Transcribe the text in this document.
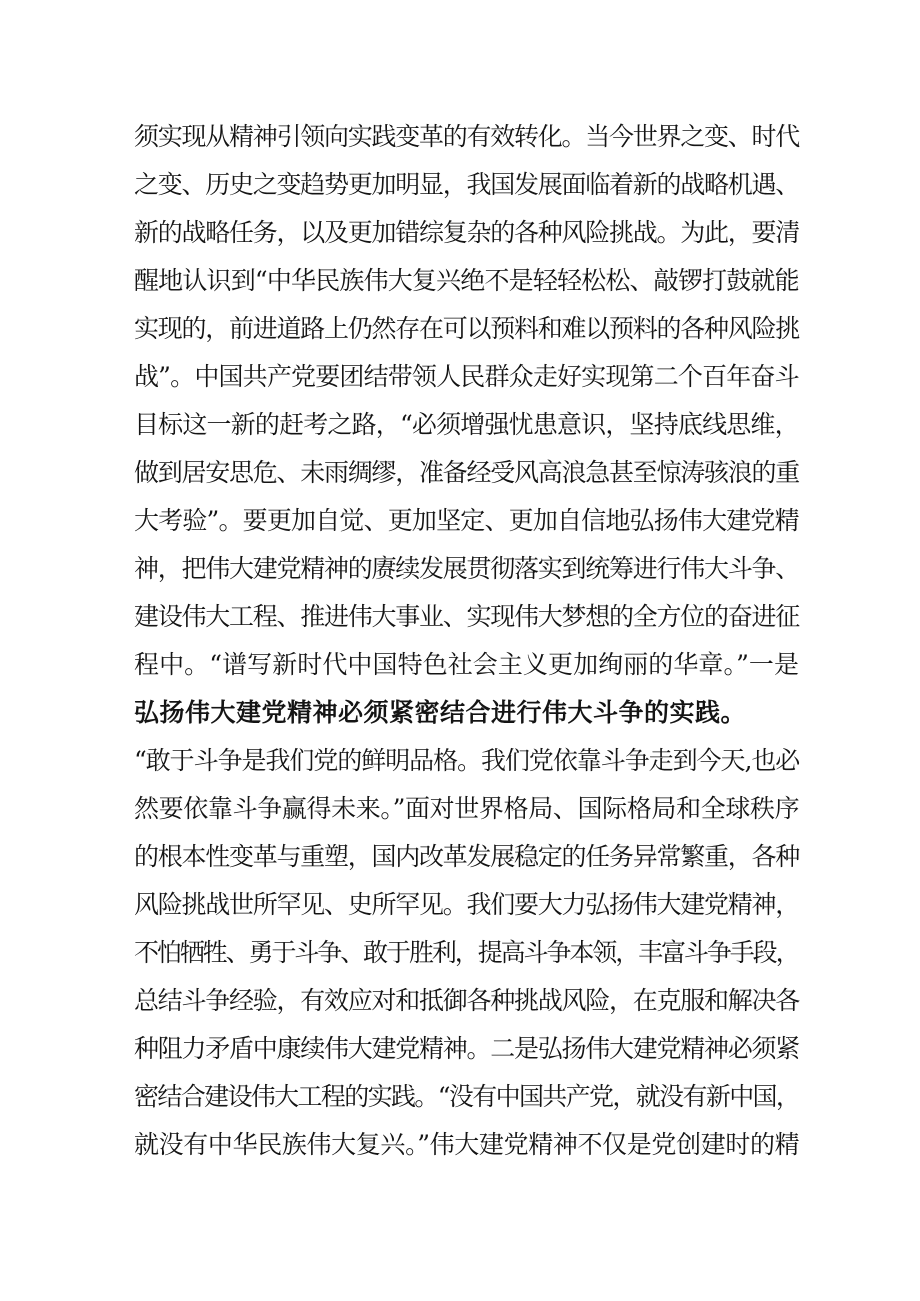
须实现从精神引领向实践变革的有效转化。当今世界之变、时代
之变、历史之变趋势更加明显，我国发展面临着新的战略机遇、
新的战略任务，以及更加错综复杂的各种风险挑战。为此，要清
醒地认识到“中华民族伟大复兴绝不是轻轻松松、敲锣打鼓就能
实现的，前进道路上仍然存在可以预料和难以预料的各种风险挑
战”。中国共产党要团结带领人民群众走好实现第二个百年奋斗
目标这一新的赶考之路，“必须增强忧患意识，坚持底线思维，
做到居安思危、未雨绸缪，准备经受风高浪急甚至惊涛骇浪的重
大考验”。要更加自觉、更加坚定、更加自信地弘扬伟大建党精
神，把伟大建党精神的赓续发展贯彻落实到统筹进行伟大斗争、
建设伟大工程、推进伟大事业、实现伟大梦想的全方位的奋进征
程中。“谱写新时代中国特色社会主义更加绚丽的华章。”一是
弘扬伟大建党精神必须紧密结合进行伟大斗争的实践。
“敢于斗争是我们党的鲜明品格。我们党依靠斗争走到今天,也必
然要依靠斗争赢得未来。”面对世界格局、国际格局和全球秩序
的根本性变革与重塑，国内改革发展稳定的任务异常繁重，各种
风险挑战世所罕见、史所罕见。我们要大力弘扬伟大建党精神，
不怕牺牲、勇于斗争、敢于胜利，提高斗争本领，丰富斗争手段，
总结斗争经验，有效应对和抵御各种挑战风险，在克服和解决各
种阻力矛盾中康续伟大建党精神。二是弘扬伟大建党精神必须紧
密结合建设伟大工程的实践。“没有中国共产党，就没有新中国，
就没有中华民族伟大复兴。”伟大建党精神不仅是党创建时的精
